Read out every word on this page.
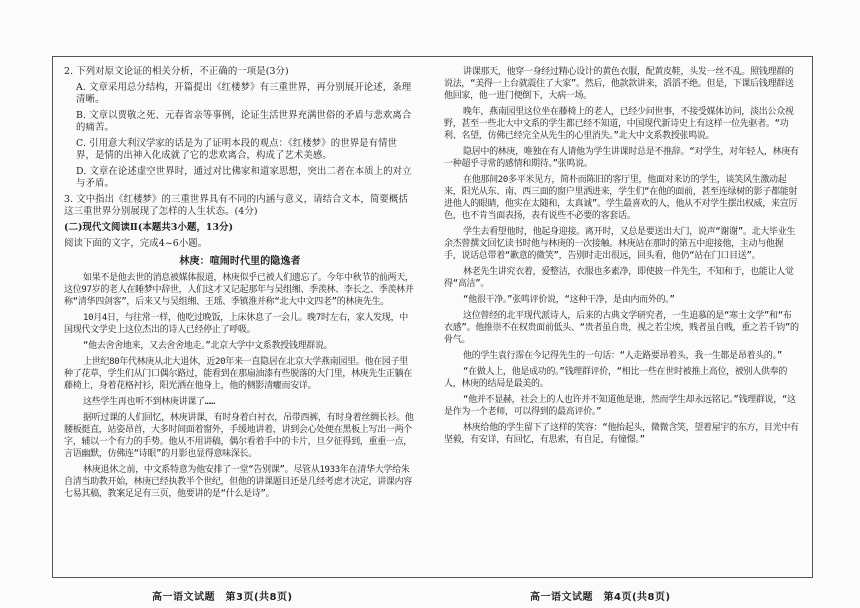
2. 下列对原文论证的相关分析，不正确的一项是(3分)

A. 文章采用总分结构，开篇提出《红楼梦》有三重世界，再分别展开论述，条理清晰。

B. 文章以贾敬之死、元春省亲等事例，论证生活世界充满世俗的矛盾与悲欢离合的痛苦。

C. 引用意大利汉学家的话是为了证明本段的观点：《红楼梦》的世界是有情世界，是情的出神入化成就了它的悲欢离合，构成了艺术美感。

D. 文章在论述虚空世界时，通过对比佛家和道家思想，突出二者在本质上的对立与矛盾。

3. 文中指出《红楼梦》的三重世界具有不同的内涵与意义，请结合文本，简要概括这三重世界分别展现了怎样的人生状态。(4分)

(二)现代文阅读Ⅱ(本题共3小题，13分)

阅读下面的文字，完成4~6小题。

林庚：喧闹时代里的隐逸者

如果不是他去世的消息被媒体报道，林庚似乎已被人们遗忘了。今年中秋节的前两天，这位97岁的老人在睡梦中辞世，人们这才又记起那年与吴组缃、季羡林、李长之、季羡林并称“清华四剑客”，后来又与吴组缃、王瑶、季镇淮并称“北大中文四老”的林庚先生。

10月4日，与往常一样，他吃过晚饭，上床休息了一会儿。晚7时左右，家人发现，中国现代文学史上这位杰出的诗人已经停止了呼吸。

“他去舍舍地来，又去舍舍地走。”北京大学中文系教授钱理群说。

上世纪80年代林庚从北大退休，近20年来一直隐居在北京大学燕南园里。他在园子里种了花草，学生们从门口偶尔路过，能看到在那扇油漆有些脱落的大门里，林庚先生正躺在藤椅上，身着花格衬衫，阳光洒在他身上，他的侧影清癯而安详。

这些学生再也听不到林庚讲课了……

据听过课的人们回忆，林庚讲课，有时身着白衬衣，吊带西裤，有时身着丝绸长衫。他腰板挺直，站姿昂首，大多时间面着窗外，手缓地讲着，讲到会心处便在黑板上写出一两个字，辅以一个有力的手势。他从不用讲稿，偶尔看着手中的卡片，旦夕征得到，重重一点，言语幽默，仿佛连“诗眼”的月影也显得意味深长。

林庚退休之前，中文系特意为他安排了一堂“告别课”。尽管从1933年在清华大学给朱自清当助教开始，林庚已经执教半个世纪，但他的讲课题目还是几经考虑才决定，讲课内容七易其稿，教案足足有三页，他要讲的是“什么是诗”。

讲课那天，他穿一身经过精心设计的黄色衣服，配黄皮鞋，头发一丝不乱。照钱理群的说法，“美得一上台就震住了大家”。然后，他款款讲来，滔滔不绝。但是，下课后钱理群送他回家，他一进门便倒下，大病一场。

晚年，燕南园里这位坐在藤椅上的老人，已经少问世事，不接受媒体访问，淡出公众视野，甚至一些北大中文系的学生都已经不知道，中国现代新诗史上有这样一位先驱者。“功利、名望，仿佛已经完全从先生的心里消失。”北大中文系教授张鸣说。

隐居中的林庚，唯独在有人请他为学生讲课时总是不推辞。“对学生，对年轻人，林庚有一种超乎寻常的感情和期待。”张鸣说。

在他那间20多平米见方，简朴而陈旧的客厅里，他面对来访的学生，谈笑风生激动起来，阳光从东、南、西三面的窗户里洒进来，学生们“在他的面前，甚至连绿树的影子都能射进他人的眼睛，他实在太随和，太真诚”。学生最喜欢的人，他从不对学生摆出权威，来宣厉色，也不肯当面表扬，表有说些不必要的客套话。

学生去看望他时，他起身迎接。离开时，又总是要送出大门，说声“谢谢”。北大毕业生余杰曾撰文回忆读书时他与林庚的一次接触。林庚站在那时的第五中迎接他，主动与他握手，说话总带着“歉意的微笑”，告别时走出很远，回头看，他仍“站在门口目送”。

林老先生讲究衣着，爱整洁，衣服也多素净，即使披一件先生，不知和于，也能让人觉得“高洁”。

“他很干净。”张鸣评价说，“这种干净，是由内而外的。”

这位曾经的北平现代派诗人，后来的古典文学研究者，一生追慕的是“寒士文学”和“布衣感”。他推崇不在权贵面前低头、“贵者虽自贵，视之若尘埃，贱者虽自贱，重之若千钧”的骨气。

他的学生袁行霈在今记得先生的一句话：“人走路要昂着头，我一生都是昂着头的。”

“在做人上，他是成功的。”钱理群评价，“相比一些在世时被推上高位，被别人供奉的人，林庚的结局是最美的。

“他并不显赫，社会上的人也许并不知道他是谁，然而学生却永远铭记。”钱理群说，“这是作为一个老师，可以得到的最高评价。”

林庚给他的学生留下了这样的笑容：“他抬起头，微微含笑，望着屋宇的东方，目光中有坚毅，有安详，有回忆，有思索，有自足，有憧憬。”

高一语文试题　第3页(共8页)	高一语文试题　第4页(共8页)
